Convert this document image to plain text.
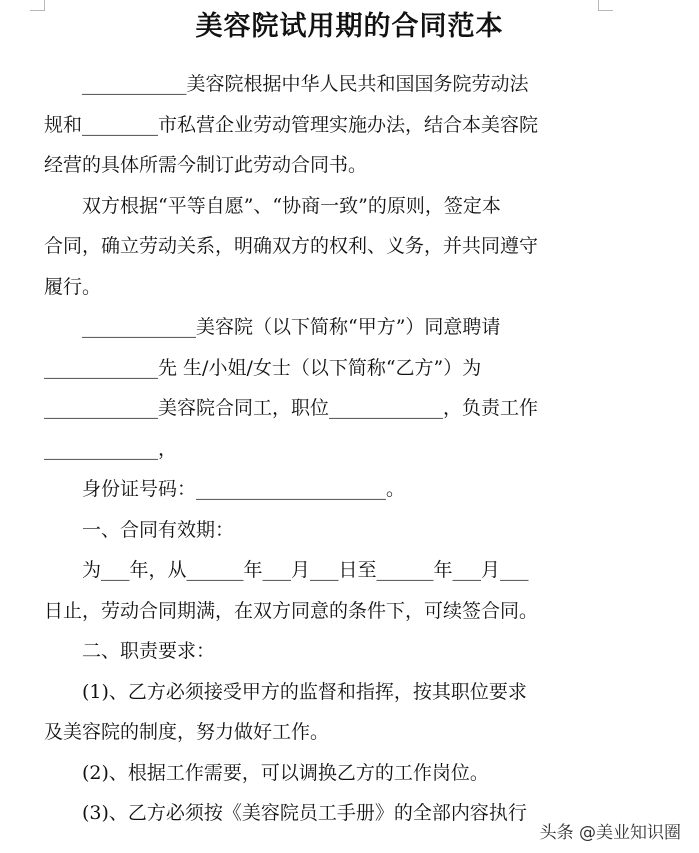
美容院试用期的合同范本

___________美容院根据中华人民共和国国务院劳动法

规和________市私营企业劳动管理实施办法，结合本美容院
经营的具体所需今制订此劳动合同书。

双方根据“平等自愿”、“协商一致”的原则，签定本

合同，确立劳动关系，明确双方的权利、义务，并共同遵守
履行。

____________美容院（以下简称“甲方”）同意聘请

____________先 生/小姐/女士（以下简称“乙方”）为
____________美容院合同工，职位____________，负责工作
____________，

身份证号码：____________________。

一、合同有效期：

为___年，从______年___月___日至______年___月___

日止，劳动合同期满，在双方同意的条件下，可续签合同。

二、职责要求：

(1)、乙方必须接受甲方的监督和指挥，按其职位要求

及美容院的制度，努力做好工作。

(2)、根据工作需要，可以调换乙方的工作岗位。

(3)、乙方必须按《美容院员工手册》的全部内容执行

头条 @美业知识圈
